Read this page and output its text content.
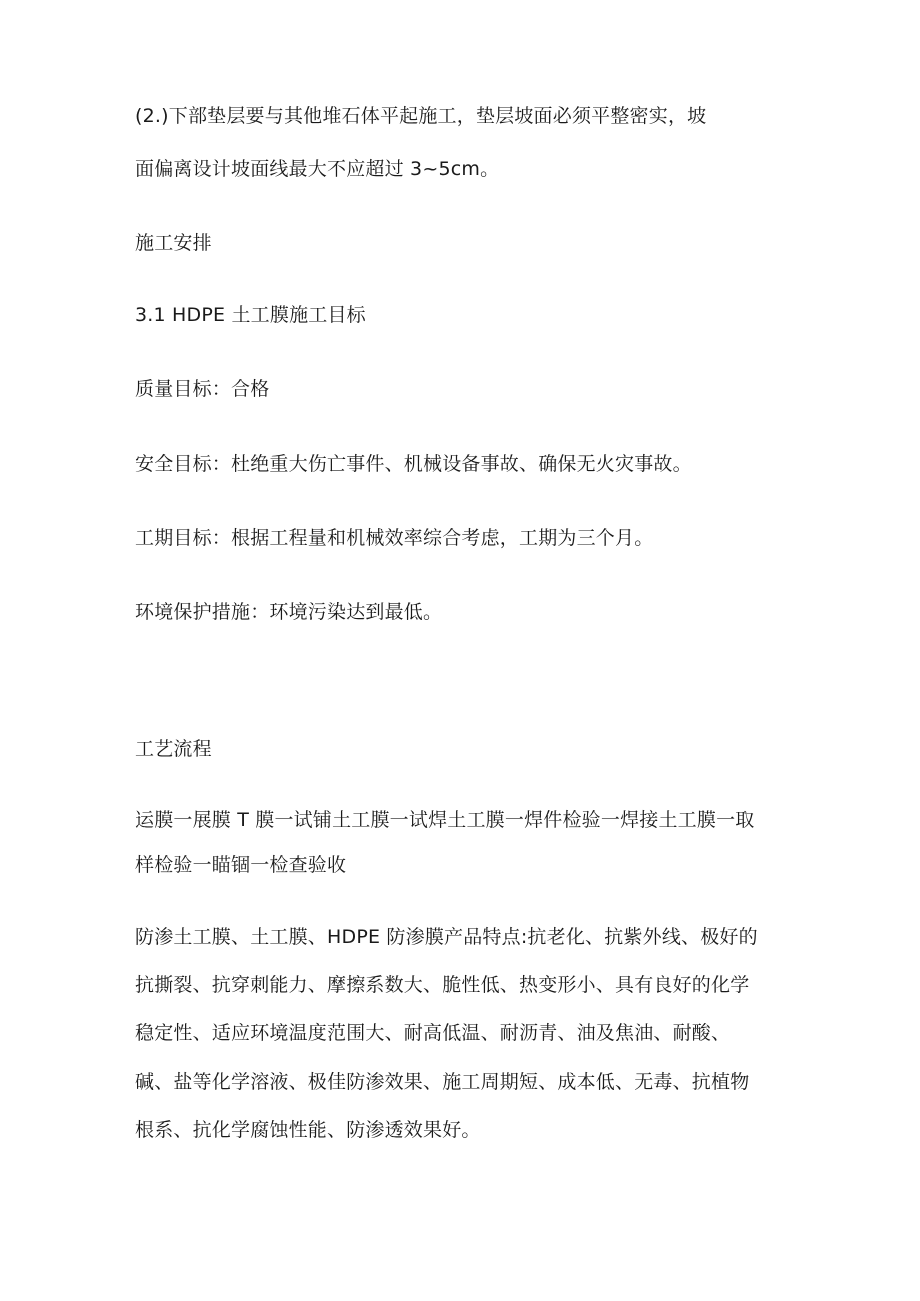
(2.)下部垫层要与其他堆石体平起施工，垫层坡面必须平整密实，坡
面偏离设计坡面线最大不应超过 3~5cm。
施工安排
3.1 HDPE 土工膜施工目标
质量目标：合格
安全目标：杜绝重大伤亡事件、机械设备事故、确保无火灾事故。
工期目标：根据工程量和机械效率综合考虑，工期为三个月。
环境保护措施：环境污染达到最低。
工艺流程
运膜一展膜 T 膜一试铺土工膜一试焊土工膜一焊件检验一焊接土工膜一取
样检验一瞄锢一检查验收
防渗土工膜、土工膜、HDPE 防渗膜产品特点:抗老化、抗紫外线、极好的
抗撕裂、抗穿刺能力、摩擦系数大、脆性低、热变形小、具有良好的化学
稳定性、适应环境温度范围大、耐高低温、耐沥青、油及焦油、耐酸、
碱、盐等化学溶液、极佳防渗效果、施工周期短、成本低、无毒、抗植物
根系、抗化学腐蚀性能、防渗透效果好。
